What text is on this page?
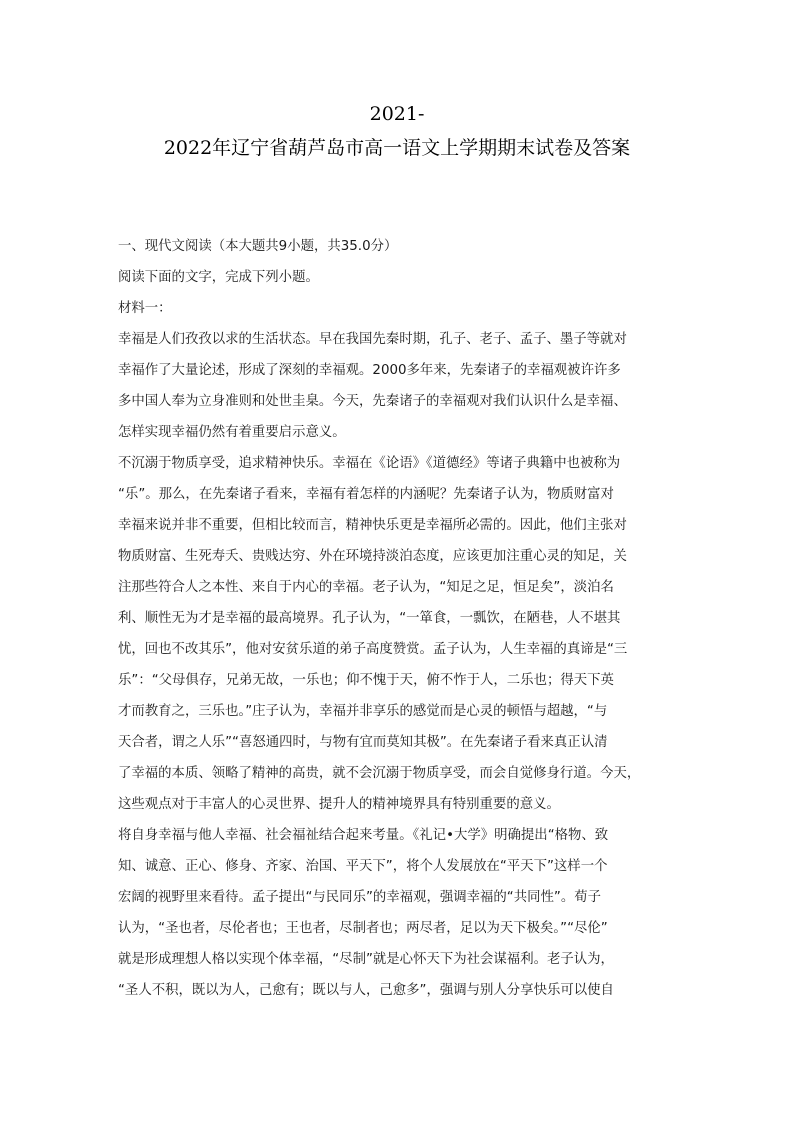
2021-
2022年辽宁省葫芦岛市高一语文上学期期末试卷及答案
一、现代文阅读（本大题共9小题，共35.0分）
阅读下面的文字，完成下列小题。
材料一：
幸福是人们孜孜以求的生活状态。早在我国先秦时期，孔子、老子、孟子、墨子等就对
幸福作了大量论述，形成了深刻的幸福观。2000多年来，先秦诸子的幸福观被许许多
多中国人奉为立身准则和处世圭臬。今天，先秦诸子的幸福观对我们认识什么是幸福、
怎样实现幸福仍然有着重要启示意义。
不沉溺于物质享受，追求精神快乐。幸福在《论语》《道德经》等诸子典籍中也被称为
“乐”。那么，在先秦诸子看来，幸福有着怎样的内涵呢？先秦诸子认为，物质财富对
幸福来说并非不重要，但相比较而言，精神快乐更是幸福所必需的。因此，他们主张对
物质财富、生死寿夭、贵贱达穷、外在环境持淡泊态度，应该更加注重心灵的知足，关
注那些符合人之本性、来自于内心的幸福。老子认为，“知足之足，恒足矣”，淡泊名
利、顺性无为才是幸福的最高境界。孔子认为，“一箪食，一瓢饮，在陋巷，人不堪其
忧，回也不改其乐”，他对安贫乐道的弟子高度赞赏。孟子认为，人生幸福的真谛是“三
乐”：“父母俱存，兄弟无故，一乐也；仰不愧于天，俯不怍于人，二乐也；得天下英
才而教育之，三乐也。”庄子认为，幸福并非享乐的感觉而是心灵的顿悟与超越，“与
天合者，谓之人乐”“喜怒通四时，与物有宜而莫知其极”。在先秦诸子看来真正认清
了幸福的本质、领略了精神的高贵，就不会沉溺于物质享受，而会自觉修身行道。今天，
这些观点对于丰富人的心灵世界、提升人的精神境界具有特别重要的意义。
将自身幸福与他人幸福、社会福祉结合起来考量。《礼记•大学》明确提出“格物、致
知、诚意、正心、修身、齐家、治国、平天下”，将个人发展放在“平天下”这样一个
宏阔的视野里来看待。孟子提出“与民同乐”的幸福观，强调幸福的“共同性”。荀子
认为，“圣也者，尽伦者也；王也者，尽制者也；两尽者，足以为天下极矣。”“尽伦”
就是形成理想人格以实现个体幸福，“尽制”就是心怀天下为社会谋福利。老子认为，
“圣人不积，既以为人，己愈有；既以与人，己愈多”，强调与别人分享快乐可以使自
